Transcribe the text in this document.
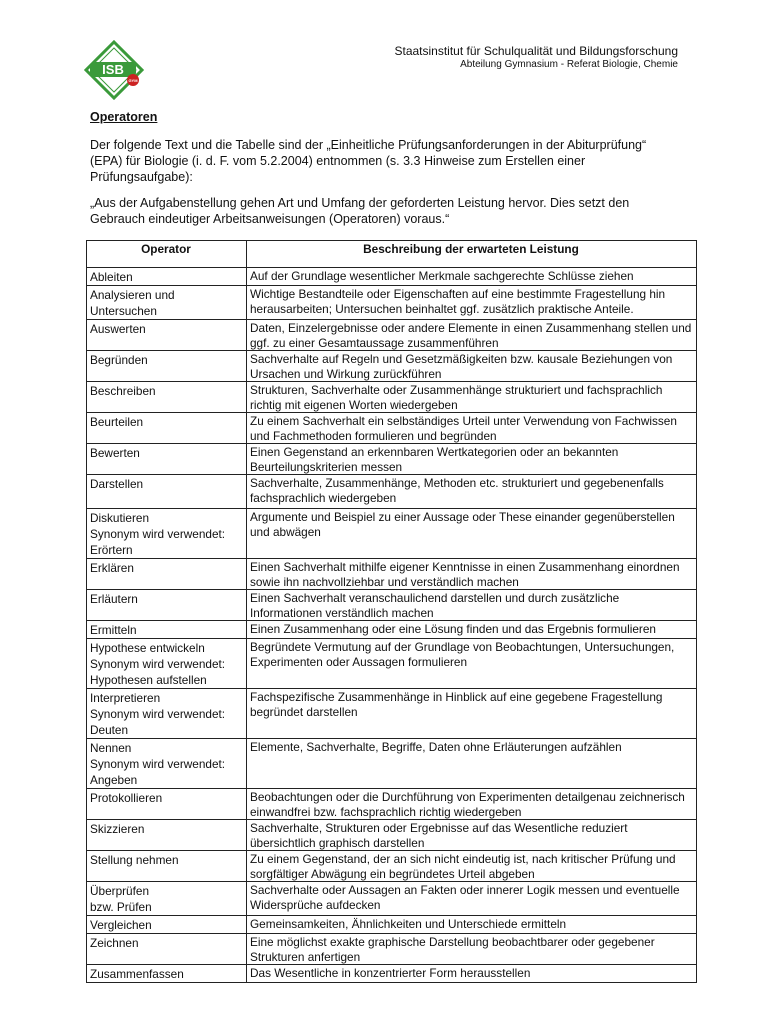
ISB
GYM
Staatsinstitut für Schulqualität und Bildungsforschung
Abteilung Gymnasium - Referat Biologie, Chemie
Operatoren

Der folgende Text und die Tabelle sind der „Einheitliche Prüfungsanforderungen in der Abiturprüfung“ (EPA) für Biologie (i. d. F. vom 5.2.2004) entnommen (s. 3.3 Hinweise zum Erstellen einer Prüfungsaufgabe):

„Aus der Aufgabenstellung gehen Art und Umfang der geforderten Leistung hervor. Dies setzt den Gebrauch eindeutiger Arbeitsanweisungen (Operatoren) voraus.“

Operator	Beschreibung der erwarteten Leistung

Ableiten	Auf der Grundlage wesentlicher Merkmale sachgerechte Schlüsse ziehen

Analysieren und
Untersuchen	Wichtige Bestandteile oder Eigenschaften auf eine bestimmte Fragestellung hin herausarbeiten; Untersuchen beinhaltet ggf. zusätzlich praktische Anteile.

Auswerten	Daten, Einzelergebnisse oder andere Elemente in einen Zusammenhang stellen und ggf. zu einer Gesamtaussage zusammenführen

Begründen	Sachverhalte auf Regeln und Gesetzmäßigkeiten bzw. kausale Beziehungen von Ursachen und Wirkung zurückführen

Beschreiben	Strukturen, Sachverhalte oder Zusammenhänge strukturiert und fachsprachlich richtig mit eigenen Worten wiedergeben

Beurteilen	Zu einem Sachverhalt ein selbständiges Urteil unter Verwendung von Fachwissen und Fachmethoden formulieren und begründen

Bewerten	Einen Gegenstand an erkennbaren Wertkategorien oder an bekannten Beurteilungskriterien messen

Darstellen	Sachverhalte, Zusammenhänge, Methoden etc. strukturiert und gegebenenfalls fachsprachlich wiedergeben

Diskutieren
Synonym wird verwendet:
Erörtern	Argumente und Beispiel zu einer Aussage oder These einander gegenüberstellen und abwägen

Erklären	Einen Sachverhalt mithilfe eigener Kenntnisse in einen Zusammenhang einordnen sowie ihn nachvollziehbar und verständlich machen

Erläutern	Einen Sachverhalt veranschaulichend darstellen und durch zusätzliche Informationen verständlich machen

Ermitteln	Einen Zusammenhang oder eine Lösung finden und das Ergebnis formulieren

Hypothese entwickeln
Synonym wird verwendet:
Hypothesen aufstellen	Begründete Vermutung auf der Grundlage von Beobachtungen, Untersuchungen, Experimenten oder Aussagen formulieren

Interpretieren
Synonym wird verwendet:
Deuten	Fachspezifische Zusammenhänge in Hinblick auf eine gegebene Fragestellung begründet darstellen

Nennen
Synonym wird verwendet:
Angeben	Elemente, Sachverhalte, Begriffe, Daten ohne Erläuterungen aufzählen

Protokollieren	Beobachtungen oder die Durchführung von Experimenten detailgenau zeichnerisch einwandfrei bzw. fachsprachlich richtig wiedergeben

Skizzieren	Sachverhalte, Strukturen oder Ergebnisse auf das Wesentliche reduziert übersichtlich graphisch darstellen

Stellung nehmen	Zu einem Gegenstand, der an sich nicht eindeutig ist, nach kritischer Prüfung und sorgfältiger Abwägung ein begründetes Urteil abgeben

Überprüfen
bzw. Prüfen	Sachverhalte oder Aussagen an Fakten oder innerer Logik messen und eventuelle Widersprüche aufdecken

Vergleichen	Gemeinsamkeiten, Ähnlichkeiten und Unterschiede ermitteln

Zeichnen	Eine möglichst exakte graphische Darstellung beobachtbarer oder gegebener Strukturen anfertigen

Zusammenfassen	Das Wesentliche in konzentrierter Form herausstellen
